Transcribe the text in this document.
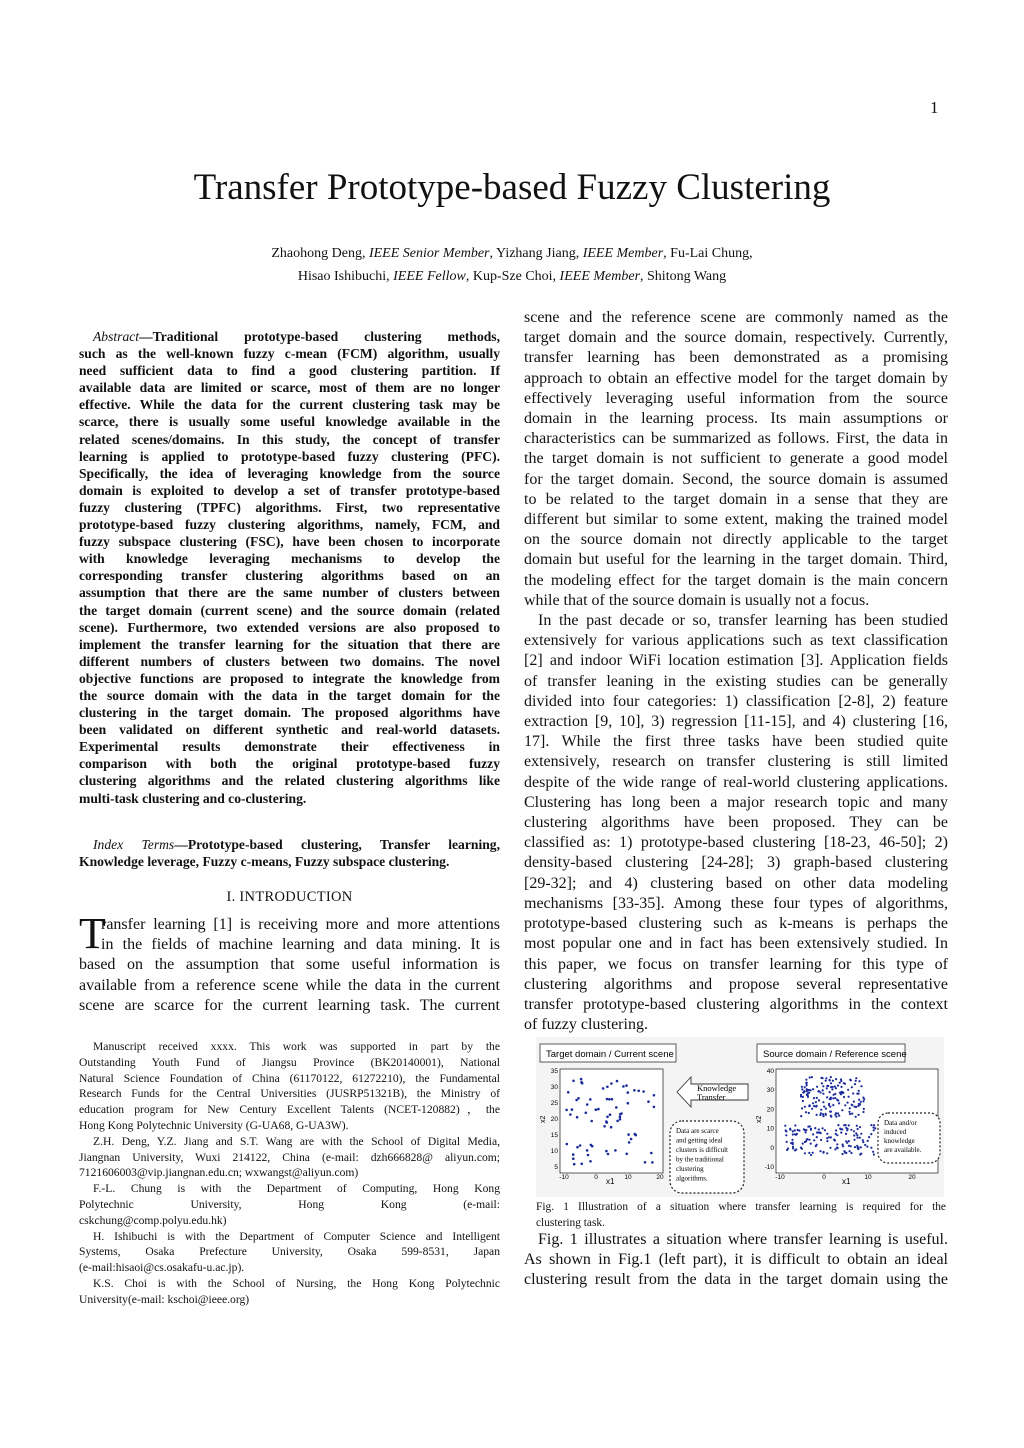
1
Transfer Prototype-based Fuzzy Clustering
Zhaohong Deng, IEEE Senior Member, Yizhang Jiang, IEEE Member, Fu-Lai Chung,
Hisao Ishibuchi, IEEE Fellow, Kup-Sze Choi, IEEE Member, Shitong Wang
Abstract—Traditional prototype-based clustering methods,
such as the well-known fuzzy c-mean (FCM) algorithm, usually
need sufficient data to find a good clustering partition. If
available data are limited or scarce, most of them are no longer
effective. While the data for the current clustering task may be
scarce, there is usually some useful knowledge available in the
related scenes/domains. In this study, the concept of transfer
learning is applied to prototype-based fuzzy clustering (PFC).
Specifically, the idea of leveraging knowledge from the source
domain is exploited to develop a set of transfer prototype-based
fuzzy clustering (TPFC) algorithms. First, two representative
prototype-based fuzzy clustering algorithms, namely, FCM, and
fuzzy subspace clustering (FSC), have been chosen to incorporate
with knowledge leveraging mechanisms to develop the
corresponding transfer clustering algorithms based on an
assumption that there are the same number of clusters between
the target domain (current scene) and the source domain (related
scene). Furthermore, two extended versions are also proposed to
implement the transfer learning for the situation that there are
different numbers of clusters between two domains. The novel
objective functions are proposed to integrate the knowledge from
the source domain with the data in the target domain for the
clustering in the target domain. The proposed algorithms have
been validated on different synthetic and real-world datasets.
Experimental results demonstrate their effectiveness in
comparison with both the original prototype-based fuzzy
clustering algorithms and the related clustering algorithms like
multi-task clustering and co-clustering.
Index Terms—Prototype-based clustering, Transfer learning,
Knowledge leverage, Fuzzy c-means, Fuzzy subspace clustering.
I. INTRODUCTION
T
ransfer learning [1] is receiving more and more attentions
in the fields of machine learning and data mining. It is
based on the assumption that some useful information is
available from a reference scene while the data in the current
scene are scarce for the current learning task. The current
Manuscript received xxxx. This work was supported in part by the
Outstanding Youth Fund of Jiangsu Province (BK20140001), National
Natural Science Foundation of China (61170122, 61272210), the Fundamental
Research Funds for the Central Universities (JUSRP51321B), the Ministry of
education program for New Century Excellent Talents (NCET-120882)，the
Hong Kong Polytechnic University (G-UA68, G-UA3W).
Z.H. Deng, Y.Z. Jiang and S.T. Wang are with the School of Digital Media,
Jiangnan University, Wuxi 214122, China (e-mail: dzh666828@ aliyun.com;
7121606003@vip.jiangnan.edu.cn; wxwangst@aliyun.com)
F.-L. Chung is with the Department of Computing, Hong Kong
Polytechnic University, Hong Kong (e-mail:
cskchung@comp.polyu.edu.hk)
H. Ishibuchi is with the Department of Computer Science and Intelligent
Systems, Osaka Prefecture University, Osaka 599-8531, Japan
(e-mail:hisaoi@cs.osakafu-u.ac.jp).
K.S. Choi is with the School of Nursing, the Hong Kong Polytechnic
University(e-mail: kschoi@ieee.org)
scene and the reference scene are commonly named as the
target domain and the source domain, respectively. Currently,
transfer learning has been demonstrated as a promising
approach to obtain an effective model for the target domain by
effectively leveraging useful information from the source
domain in the learning process. Its main assumptions or
characteristics can be summarized as follows. First, the data in
the target domain is not sufficient to generate a good model
for the target domain. Second, the source domain is assumed
to be related to the target domain in a sense that they are
different but similar to some extent, making the trained model
on the source domain not directly applicable to the target
domain but useful for the learning in the target domain. Third,
the modeling effect for the target domain is the main concern
while that of the source domain is usually not a focus.
In the past decade or so, transfer learning has been studied
extensively for various applications such as text classification
[2] and indoor WiFi location estimation [3]. Application fields
of transfer leaning in the existing studies can be generally
divided into four categories: 1) classification [2-8], 2) feature
extraction [9, 10], 3) regression [11-15], and 4) clustering [16,
17]. While the first three tasks have been studied quite
extensively, research on transfer clustering is still limited
despite of the wide range of real-world clustering applications.
Clustering has long been a major research topic and many
clustering algorithms have been proposed. They can be
classified as: 1) prototype-based clustering [18-23, 46-50]; 2)
density-based clustering [24-28]; 3) graph-based clustering
[29-32]; and 4) clustering based on other data modeling
mechanisms [33-35]. Among these four types of algorithms,
prototype-based clustering such as k-means is perhaps the
most popular one and in fact has been extensively studied. In
this paper, we focus on transfer learning for this type of
clustering algorithms and propose several representative
transfer prototype-based clustering algorithms in the context
of fuzzy clustering.
Target domain / Current scene	Source domain / Reference scene
35
30
25
20
15
10
5
-10	0	10	20
40
30
20
10
0
-10
-10	0	10	20
x1	x1
x2	x2
Knowledge
Transfer
Data are scarce
and getting ideal
clusters is difficult
by the traditional
clustering
algorithms.
Data and/or
induced
knowledge
are available.
Fig. 1 Illustration of a situation where transfer learning is required for the
clustering task.
Fig. 1 illustrates a situation where transfer learning is useful.
As shown in Fig.1 (left part), it is difficult to obtain an ideal
clustering result from the data in the target domain using the
